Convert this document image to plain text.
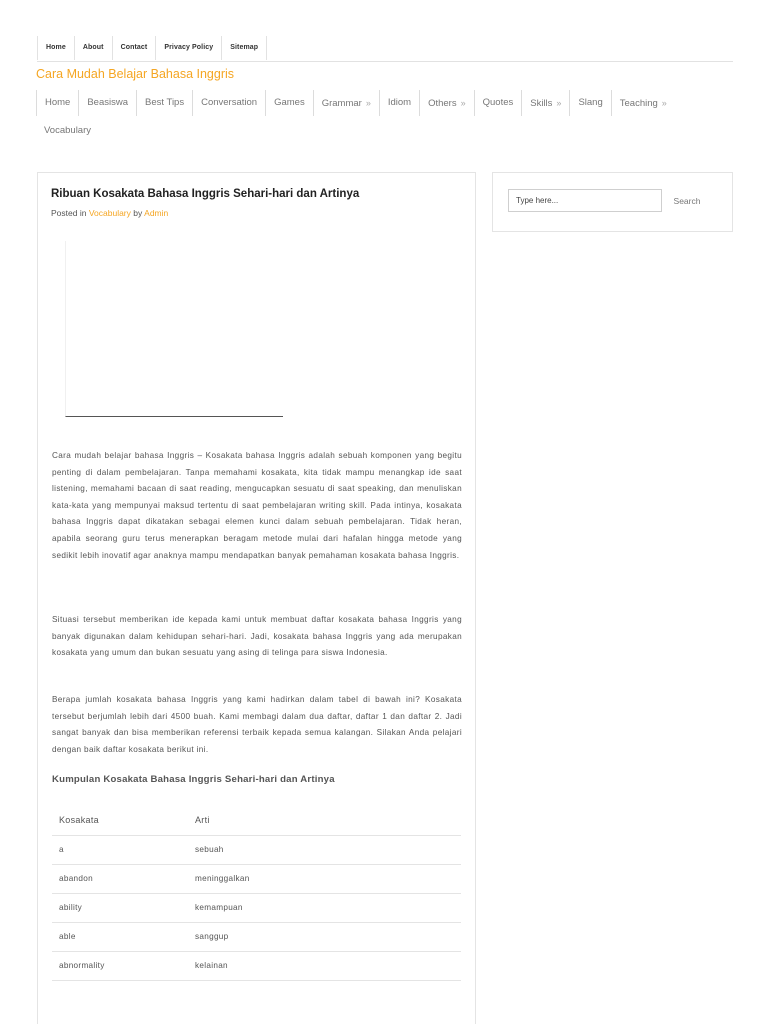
Home	About	Contact	Privacy Policy	Sitemap
Cara Mudah Belajar Bahasa Inggris
Home	Beasiswa	Best Tips	Conversation	Games	Grammar »	Idiom	Others »	Quotes	Skills »	Slang	Teaching »
Vocabulary
Ribuan Kosakata Bahasa Inggris Sehari-hari dan Artinya
Posted in Vocabulary by Admin

Cara mudah belajar bahasa Inggris – Kosakata bahasa Inggris adalah sebuah komponen yang begitu penting di dalam pembelajaran. Tanpa memahami kosakata, kita tidak mampu menangkap ide saat listening, memahami bacaan di saat reading, mengucapkan sesuatu di saat speaking, dan menuliskan kata-kata yang mempunyai maksud tertentu di saat pembelajaran writing skill. Pada intinya, kosakata bahasa Inggris dapat dikatakan sebagai elemen kunci dalam sebuah pembelajaran. Tidak heran, apabila seorang guru terus menerapkan beragam metode mulai dari hafalan hingga metode yang sedikit lebih inovatif agar anaknya mampu mendapatkan banyak pemahaman kosakata bahasa Inggris.

Situasi tersebut memberikan ide kepada kami untuk membuat daftar kosakata bahasa Inggris yang banyak digunakan dalam kehidupan sehari-hari. Jadi, kosakata bahasa Inggris yang ada merupakan kosakata yang umum dan bukan sesuatu yang asing di telinga para siswa Indonesia.

Berapa jumlah kosakata bahasa Inggris yang kami hadirkan dalam tabel di bawah ini? Kosakata tersebut berjumlah lebih dari 4500 buah. Kami membagi dalam dua daftar, daftar 1 dan daftar 2. Jadi sangat banyak dan bisa memberikan referensi terbaik kepada semua kalangan. Silakan Anda pelajari dengan baik daftar kosakata berikut ini.

Kumpulan Kosakata Bahasa Inggris Sehari-hari dan Artinya
Kosakata	Arti
a	sebuah
abandon	meninggalkan
ability	kemampuan
able	sanggup
abnormality	kelainan
Type here...
Search
